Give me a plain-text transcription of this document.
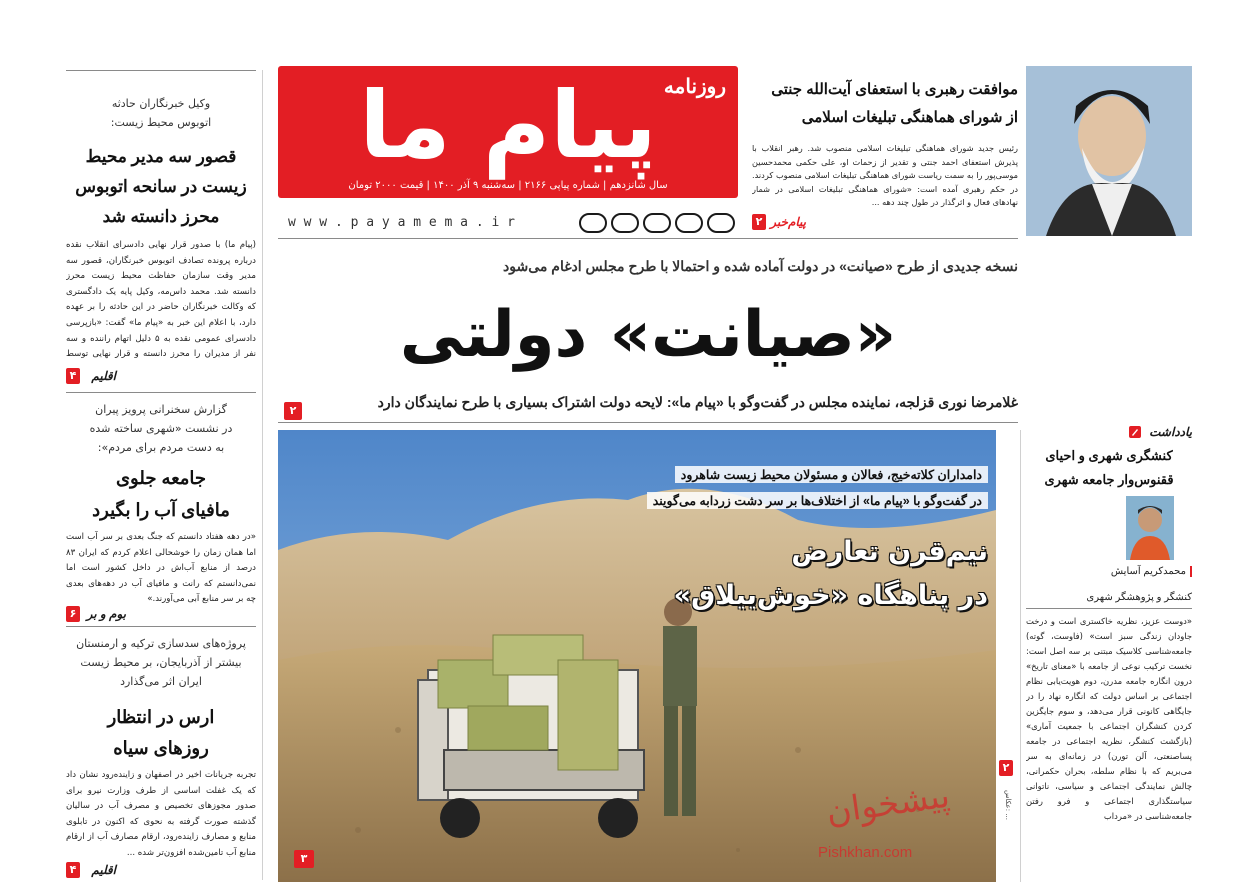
وکیل خبرنگاران حادثه
اتوبوس محیط زیست:
قصور سه مدیر محیط
زیست در سانحه اتوبوس
محرز دانسته شد
(پیام ما) با صدور قرار نهایی دادسرای انقلاب نقده درباره پرونده تصادف اتوبوس خبرنگاران، قصور سه مدیر وقت سازمان حفاظت محیط زیست محرز دانسته شد. محمد داس‌مه، وکیل پایه یک دادگستری که وکالت خبرنگاران حاضر در این حادثه را بر عهده دارد، با اعلام این خبر به «پیام ما» گفت: «بازپرسی دادسرای عمومی نقده به ۵ دلیل اتهام راننده و سه نفر از مدیران را محرز دانسته و قرار نهایی توسط
۴	اقلیم
گزارش سخنرانی پرویز پیران
در نشست «شهری ساخته شده
به دست مردم برای مردم»:
جامعه جلوی
مافیای آب را بگیرد
«در دهه هفتاد دانستم که جنگ بعدی بر سر آب است اما همان زمان را خوشحالی اعلام کردم که ایران ۸۳ درصد از منابع آب‌اش در داخل کشور است اما نمی‌دانستم که رانت و مافیای آب در دهه‌های بعدی چه بر سر منابع آبی می‌آورند.»
۶ بوم و بر
پروژه‌های سدسازی ترکیه و ارمنستان
بیشتر از آذربایجان، بر محیط زیست
ایران اثر می‌گذارد
ارس در انتظار
روزهای سیاه
تجربه جریانات اخیر در اصفهان و زاینده‌رود نشان داد که یک غفلت اساسی از طرف وزارت نیرو برای صدور مجوزهای تخصیص و مصرف آب در سالیان گذشته صورت گرفته به نحوی که اکنون در تابلوی منابع و مصارف زاینده‌رود، ارقام مصارف آب از ارقام منابع آب تامین‌شده افزون‌تر شده ...
۴	اقلیم
روزنامه
پیام ما
سال شانزدهم | شماره پیاپی ۲۱۶۶ | سه‌شنبه ۹ آذر ۱۴۰۰ | قیمت ۲۰۰۰ تومان
w w w . p a y a m e m a . i r
موافقت رهبری با استعفای آیت‌الله جنتی
از شورای هماهنگی تبلیغات اسلامی
رئیس جدید شورای هماهنگی تبلیغات اسلامی منصوب شد. رهبر انقلاب با پذیرش استعفای احمد جنتی و تقدیر از زحمات او، علی حکمی محمدحسین موسی‌پور را به سمت ریاست شورای هماهنگی تبلیغات اسلامی منصوب کردند. در حکم رهبری آمده است: «شورای هماهنگی تبلیغات اسلامی در شمار نهادهای فعال و اثرگذار در طول چند دهه ...
۲ پیام‌خبر
نسخه جدیدی از طرح «صیانت» در دولت آماده شده و احتمالا با طرح مجلس ادغام می‌شود
«صیانت» دولتی
غلامرضا نوری قزلجه، نماینده مجلس در گفت‌وگو با «پیام ما»: لایحه دولت اشتراک بسیاری با طرح نمایندگان دارد
۲
دامداران کلاته‌خیج، فعالان و مسئولان محیط زیست شاهرود
در گفت‌وگو با «پیام ما» از اختلاف‌ها بر سر دشت زردابه می‌گویند
نیم‌قرن تعارض
در پناهگاه «خوش‌ییلاق»
۳
پیشخوان
Pishkhan.com
۲
عکاس: ...
یادداشت
کنشگری شهری و احیای
ققنوس‌وار جامعه شهری
محمدکریم آسایش
کنشگر و پژوهشگر شهری
«دوست عزیز، نظریه خاکستری است و درخت جاودان زندگی سبز است» (فاوست، گوته) جامعه‌شناسی کلاسیک مبتنی بر سه اصل است: نخست ترکیب نوعی از جامعه با «معنای تاریخ» درون انگاره جامعه مدرن، دوم هویت‌یابی نظام اجتماعی بر اساس دولت که انگاره نهاد را در جایگاهی کانونی قرار می‌دهد، و سوم جایگزین کردن کنشگران اجتماعی با جمعیت آماری» (بازگشت کنشگر، نظریه اجتماعی در جامعه پساصنعتی، آلن تورن) در زمانه‌ای به سر می‌بریم که با نظام سلطه، بحران حکمرانی، چالش نمایندگی اجتماعی و سیاسی، ناتوانی سیاستگذاری اجتماعی و فرو رفتن جامعه‌شناسی در «مرداب
